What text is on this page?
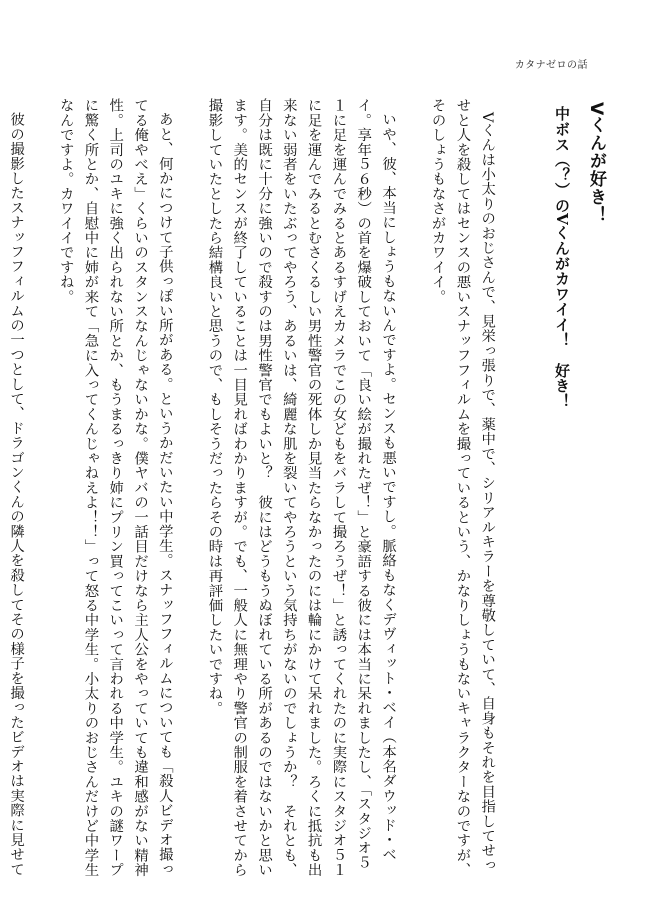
カタナゼロの話
Vくんが好き！
中ボス（？）のVくんがカワイイ！　好き！

Vくんは小太りのおじさんで、見栄っ張りで、薬中で、シリアルキラーを尊敬していて、自身もそれを目指してせっせと人を殺してはセンスの悪いスナッフフィルムを撮っているという、かなりしょうもないキャラクターなのですが、そのしょうもなさがカワイイ。

いや、彼、本当にしょうもないんですよ。センスも悪いですし。脈絡もなくデヴィット・ベイ（本名ダウッド・ベイ。享年５６秒）の首を爆破しておいて「良い絵が撮れたぜ！」と豪語する彼には本当に呆れましたし、「スタジオ５１に足を運んでみるとあるすげえカメラでこの女どもをバラして撮ろうぜ！」と誘ってくれたのに実際にスタジオ５１に足を運んでみるとむさくるしい男性警官の死体しか見当たらなかったのには輪にかけて呆れました。ろくに抵抗も出来ない弱者をいたぶってやろう、あるいは、綺麗な肌を裂いてやろうという気持ちがないのでしょうか？　それとも、自分は既に十分に強いので殺すのは男性警官でもよいと？　彼にはどうもうぬぼれている所があるのではないかと思います。美的センスが終了していることは一目見ればわかりますが。でも、一般人に無理やり警官の制服を着させてから撮影していたとしたら結構良いと思うので、もしそうだったらその時は再評価したいですね。

あと、何かにつけて子供っぽい所がある。というかだいたい中学生。スナッフフィルムについても「殺人ビデオ撮ってる俺やべえ」くらいのスタンスなんじゃないかな。僕ヤバの一話目だけなら主人公をやっていても違和感がない精神性。上司のユキに強く出られない所とか、もうまるっきり姉にプリン買ってこいって言われる中学生。ユキの謎ワープに驚く所とか、自慰中に姉が来て「急に入ってくんじゃねえよ！！」って怒る中学生。小太りのおじさんだけど中学生なんですよ。カワイイですね。

彼の撮影したスナッフフィルムの一つとして、ドラゴンくんの隣人を殺してその様子を撮ったビデオは実際に見せて
